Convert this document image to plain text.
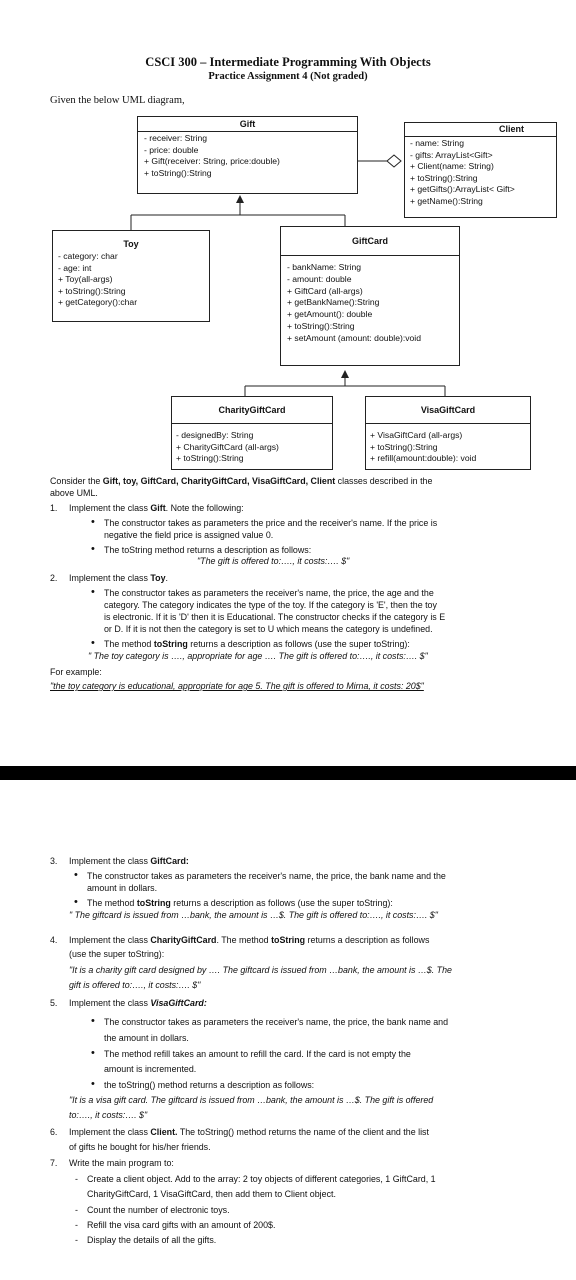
CSCI 300 – Intermediate Programming With Objects
Practice Assignment 4 (Not graded)
Given the below UML diagram,
Gift
- receiver: String
- price: double
+ Gift(receiver: String, price:double)
+ toString():String
Client
- name: String
- gifts: ArrayList<Gift>
+ Client(name: String)
+ toString():String
+ getGifts():ArrayList< Gift>
+ getName():String
Toy
- category: char
- age: int
+ Toy(all-args)
+ toString():String
+ getCategory():char
GiftCard
- bankName: String
- amount: double
+ GiftCard (all-args)
+ getBankName():String
+ getAmount(): double
+ toString():String
+ setAmount (amount: double):void
CharityGiftCard
- designedBy: String
+ CharityGiftCard (all-args)
+ toString():String
VisaGiftCard
+ VisaGiftCard (all-args)
+ toString():String
+ refill(amount:double): void
Consider the Gift, toy, GiftCard, CharityGiftCard, VisaGiftCard, Client classes described in the
above UML.
1. Implement the class Gift. Note the following:
• The constructor takes as parameters the price and the receiver's name. If the price is
negative the field price is assigned value 0.
• The toString method returns a description as follows:
"The gift is offered to:…., it costs:…. $"
2. Implement the class Toy.
• The constructor takes as parameters the receiver's name, the price, the age and the
category. The category indicates the type of the toy. If the category is 'E', then the toy
is electronic. If it is 'D' then it is Educational. The constructor checks if the category is E
or D. If it is not then the category is set to U which means the category is undefined.
• The method toString returns a description as follows (use the super toString):
" The toy category is …., appropriate for age …. The gift is offered to:…., it costs:…. $"
For example:
"the toy category is educational, appropriate for age 5. The gift is offered to Mirna, it costs: 20$"
3. Implement the class GiftCard:
• The constructor takes as parameters the receiver's name, the price, the bank name and the
amount in dollars.
• The method toString returns a description as follows (use the super toString):
" The giftcard is issued from …bank, the amount is …$. The gift is offered to:…., it costs:…. $"
4. Implement the class CharityGiftCard. The method toString returns a description as follows
(use the super toString):
"It is a charity gift card designed by …. The giftcard is issued from …bank, the amount is …$. The
gift is offered to:…., it costs:…. $"
5. Implement the class VisaGiftCard:
• The constructor takes as parameters the receiver's name, the price, the bank name and
the amount in dollars.
• The method refill takes an amount to refill the card. If the card is not empty the
amount is incremented.
• the toString() method returns a description as follows:
"It is a visa gift card. The giftcard is issued from …bank, the amount is …$. The gift is offered
to:…., it costs:…. $"
6. Implement the class Client. The toString() method returns the name of the client and the list
of gifts he bought for his/her friends.
7. Write the main program to:
- Create a client object. Add to the array: 2 toy objects of different categories, 1 GiftCard, 1
CharityGiftCard, 1 VisaGiftCard, then add them to Client object.
- Count the number of electronic toys.
- Refill the visa card gifts with an amount of 200$.
- Display the details of all the gifts.
